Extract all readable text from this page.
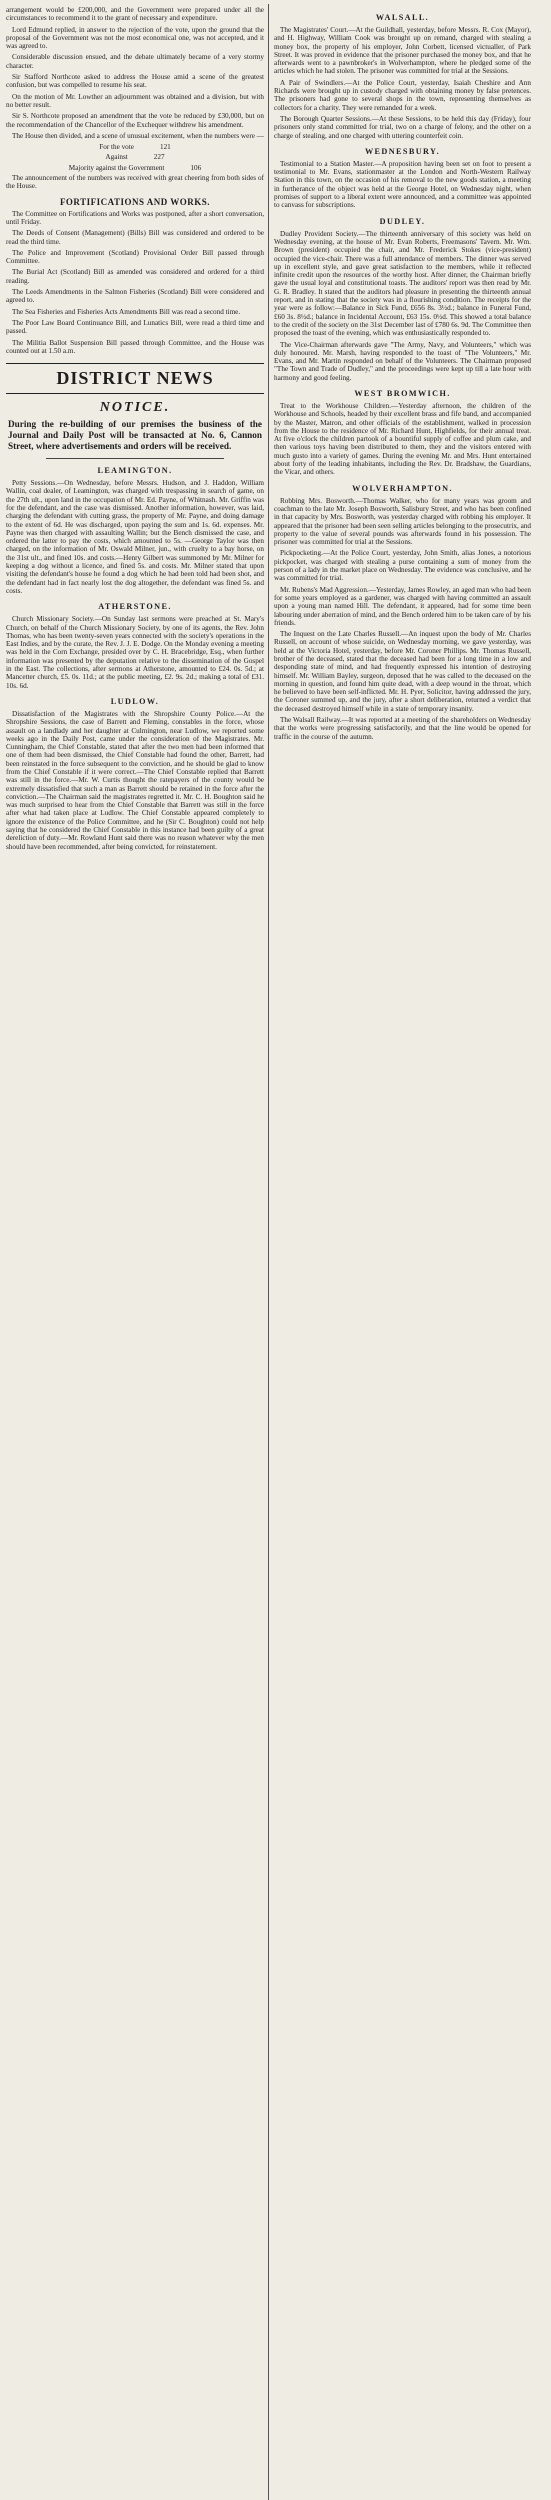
arrangement would be £200,000, and the Government were prepared under all the circumstances to recommend it to the grant of necessary and expenditure.

Lord Edmund replied, in answer to the rejection of the vote, upon the ground that the proposal of the Government was not the most economical one, was not accepted, and it was agreed to.

Considerable discussion ensued, and the debate ultimately became of a very stormy character.

Sir Stafford Northcote asked to address the House amid a scene of the greatest confusion, but was compelled to resume his seat.

On the motion of Mr. Lowther an adjournment was obtained and a division, but with no better result.

Sir S. Northcote proposed an amendment that the vote be reduced by £30,000, but on the recommendation of the Chancellor of the Exchequer withdrew his amendment.

The House then divided, and a scene of unusual excitement, when the numbers were —

For the vote	121
Against	227
Majority against the Government	106

The announcement of the numbers was received with great cheering from both sides of the House.

FORTIFICATIONS AND WORKS.

The Committee on Fortifications and Works was postponed, after a short conversation, until Friday.

The Deeds of Consent (Management) (Bills) Bill was considered and ordered to be read the third time.

The Police and Improvement (Scotland) Provisional Order Bill passed through Committee.

The Burial Act (Scotland) Bill as amended was considered and ordered for a third reading.

The Leeds Amendments in the Salmon Fisheries (Scotland) Bill were considered and agreed to.

The Sea Fisheries and Fisheries Acts Amendments Bill was read a second time.

The Poor Law Board Continuance Bill, and Lunatics Bill, were read a third time and passed.

The Militia Ballot Suspension Bill passed through Committee, and the House was counted out at 1.50 a.m.

DISTRICT NEWS
NOTICE.
During the re-building of our premises the business of the Journal and Daily Post will be transacted at No. 6, Cannon Street, where advertisements and orders will be received.
LEAMINGTON.

Petty Sessions.—On Wednesday, before Messrs. Hudson, and J. Haddon, William Wallin, coal dealer, of Leamington, was charged with trespassing in search of game, on the 27th ult., upon land in the occupation of Mr. Ed. Payne, of Whitnash. Mr. Griffin was for the defendant, and the case was dismissed. Another information, however, was laid, charging the defendant with cutting grass, the property of Mr. Payne, and doing damage to the extent of 6d. He was discharged, upon paying the sum and 1s. 6d. expenses. Mr. Payne was then charged with assaulting Wallin; but the Bench dismissed the case, and ordered the latter to pay the costs, which amounted to 5s. —George Taylor was then charged, on the information of Mr. Oswald Milner, jun., with cruelty to a bay horse, on the 31st ult., and fined 10s. and costs.—Henry Gilbert was summoned by Mr. Milner for keeping a dog without a licence, and fined 5s. and costs. Mr. Milner stated that upon visiting the defendant's house he found a dog which he had been told had been shot, and the defendant had in fact nearly lost the dog altogether, the defendant was fined 5s. and costs.

ATHERSTONE.

Church Missionary Society.—On Sunday last sermons were preached at St. Mary's Church, on behalf of the Church Missionary Society, by one of its agents, the Rev. John Thomas, who has been twenty-seven years connected with the society's operations in the East Indies, and by the curate, the Rev. J. J. E. Dodge. On the Monday evening a meeting was held in the Corn Exchange, presided over by C. H. Bracebridge, Esq., when further information was presented by the deputation relative to the dissemination of the Gospel in the East. The collections, after sermons at Atherstone, amounted to £24. 0s. 5d.; at Mancetter church, £5. 0s. 11d.; at the public meeting, £2. 9s. 2d.; making a total of £31. 10s. 6d.

LUDLOW.

Dissatisfaction of the Magistrates with the Shropshire County Police.—At the Shropshire Sessions, the case of Barrett and Fleming, constables in the force, whose assault on a landlady and her daughter at Culmington, near Ludlow, we reported some weeks ago in the Daily Post, came under the consideration of the Magistrates. Mr. Cunningham, the Chief Constable, stated that after the two men had been informed that one of them had been dismissed, the Chief Constable had found the other, Barrett, had been reinstated in the force subsequent to the conviction, and he should be glad to know from the Chief Constable if it were correct.—The Chief Constable replied that Barrett was still in the force.—Mr. W. Curtis thought the ratepayers of the county would be extremely dissatisfied that such a man as Barrett should be retained in the force after the conviction.—The Chairman said the magistrates regretted it. Mr. C. H. Boughton said he was much surprised to hear from the Chief Constable that Barrett was still in the force after what had taken place at Ludlow. The Chief Constable appeared completely to ignore the existence of the Police Committee, and he (Sir C. Boughton) could not help saying that he considered the Chief Constable in this instance had been guilty of a great dereliction of duty.—Mr. Rowland Hunt said there was no reason whatever why the men should have been recommended, after being convicted, for reinstatement.

WALSALL.

The Magistrates' Court.—At the Guildhall, yesterday, before Messrs. R. Cox (Mayor), and H. Highway, William Cook was brought up on remand, charged with stealing a money box, the property of his employer, John Corbett, licensed victualler, of Park Street. It was proved in evidence that the prisoner purchased the money box, and that he afterwards went to a pawnbroker's in Wolverhampton, where he pledged some of the articles which he had stolen. The prisoner was committed for trial at the Sessions.

A Pair of Swindlers.—At the Police Court, yesterday, Isaiah Cheshire and Ann Richards were brought up in custody charged with obtaining money by false pretences. The prisoners had gone to several shops in the town, representing themselves as collectors for a charity. They were remanded for a week.

The Borough Quarter Sessions.—At these Sessions, to be held this day (Friday), four prisoners only stand committed for trial, two on a charge of felony, and the other on a charge of stealing, and one charged with uttering counterfeit coin.

WEDNESBURY.

Testimonial to a Station Master.—A proposition having been set on foot to present a testimonial to Mr. Evans, stationmaster at the London and North-Western Railway Station in this town, on the occasion of his removal to the new goods station, a meeting in furtherance of the object was held at the George Hotel, on Wednesday night, when promises of support to a liberal extent were announced, and a committee was appointed to canvass for subscriptions.

DUDLEY.

Dudley Provident Society.—The thirteenth anniversary of this society was held on Wednesday evening, at the house of Mr. Evan Roberts, Freemasons' Tavern. Mr. Wm. Brown (president) occupied the chair, and Mr. Frederick Stokes (vice-president) occupied the vice-chair. There was a full attendance of members. The dinner was served up in excellent style, and gave great satisfaction to the members, while it reflected infinite credit upon the resources of the worthy host. After dinner, the Chairman briefly gave the usual loyal and constitutional toasts. The auditors' report was then read by Mr. G. R. Bradley. It stated that the auditors had pleasure in presenting the thirteenth annual report, and in stating that the society was in a flourishing condition. The receipts for the year were as follow:—Balance in Sick Fund, £656 8s. 3½d.; balance in Funeral Fund, £60 3s. 8½d.; balance in Incidental Account, £63 15s. 0½d. This showed a total balance to the credit of the society on the 31st December last of £780 6s. 9d. The Committee then proposed the toast of the evening, which was enthusiastically responded to.

The Vice-Chairman afterwards gave "The Army, Navy, and Volunteers," which was duly honoured. Mr. Marsh, having responded to the toast of "The Volunteers," Mr. Evans, and Mr. Martin responded on behalf of the Volunteers. The Chairman proposed "The Town and Trade of Dudley," and the proceedings were kept up till a late hour with harmony and good feeling.

WEST BROMWICH.

Treat to the Workhouse Children.—Yesterday afternoon, the children of the Workhouse and Schools, headed by their excellent brass and fife band, and accompanied by the Master, Matron, and other officials of the establishment, walked in procession from the House to the residence of Mr. Richard Hunt, Highfields, for their annual treat. At five o'clock the children partook of a bountiful supply of coffee and plum cake, and then various toys having been distributed to them, they and the visitors entered with much gusto into a variety of games. During the evening Mr. and Mrs. Hunt entertained about forty of the leading inhabitants, including the Rev. Dr. Bradshaw, the Guardians, the Vicar, and others.

WOLVERHAMPTON.

Robbing Mrs. Bosworth.—Thomas Walker, who for many years was groom and coachman to the late Mr. Joseph Bosworth, Salisbury Street, and who has been confined in that capacity by Mrs. Bosworth, was yesterday charged with robbing his employer. It appeared that the prisoner had been seen selling articles belonging to the prosecutrix, and property to the value of several pounds was afterwards found in his possession. The prisoner was committed for trial at the Sessions.

Pickpocketing.—At the Police Court, yesterday, John Smith, alias Jones, a notorious pickpocket, was charged with stealing a purse containing a sum of money from the person of a lady in the market place on Wednesday. The evidence was conclusive, and he was committed for trial.

Mr. Rubens's Mad Aggression.—Yesterday, James Rowley, an aged man who had been for some years employed as a gardener, was charged with having committed an assault upon a young man named Hill. The defendant, it appeared, had for some time been labouring under aberration of mind, and the Bench ordered him to be taken care of by his friends.

The Inquest on the Late Charles Russell.—An inquest upon the body of Mr. Charles Russell, on account of whose suicide, on Wednesday morning, we gave yesterday, was held at the Victoria Hotel, yesterday, before Mr. Coroner Phillips. Mr. Thomas Russell, brother of the deceased, stated that the deceased had been for a long time in a low and desponding state of mind, and had frequently expressed his intention of destroying himself. Mr. William Bayley, surgeon, deposed that he was called to the deceased on the morning in question, and found him quite dead, with a deep wound in the throat, which he believed to have been self-inflicted. Mr. H. Pyer, Solicitor, having addressed the jury, the Coroner summed up, and the jury, after a short deliberation, returned a verdict that the deceased destroyed himself while in a state of temporary insanity.

The Walsall Railway.—It was reported at a meeting of the shareholders on Wednesday that the works were progressing satisfactorily, and that the line would be opened for traffic in the course of the autumn.
